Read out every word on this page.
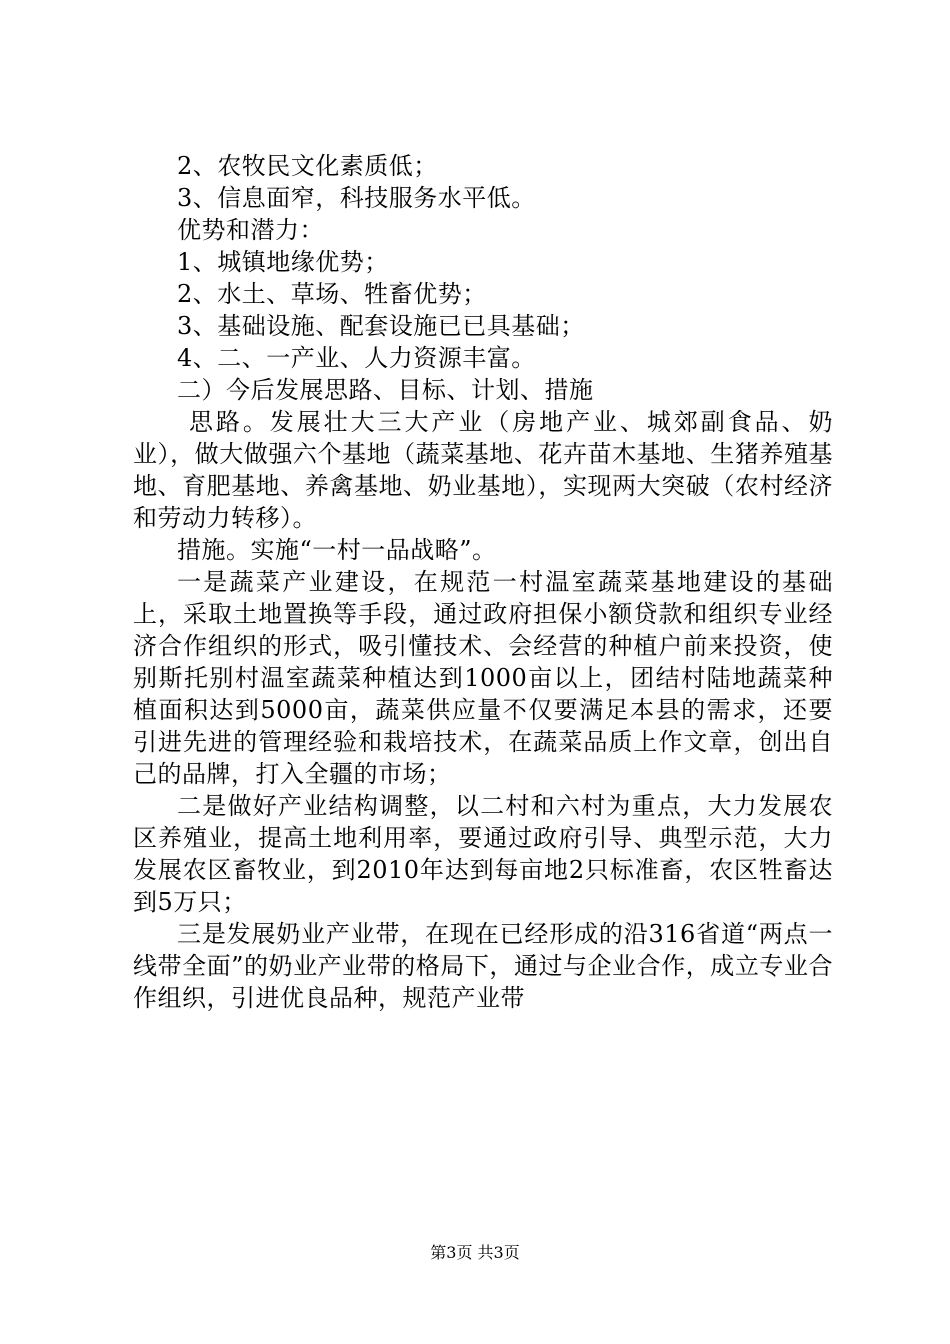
2、农牧民文化素质低；
3、信息面窄，科技服务水平低。
优势和潜力：
1、城镇地缘优势；
2、水土、草场、牲畜优势；
3、基础设施、配套设施已已具基础；
4、二、一产业、人力资源丰富。
二）今后发展思路、目标、计划、措施

思路。发展壮大三大产业（房地产业、城郊副食品、奶业），做大做强六个基地（蔬菜基地、花卉苗木基地、生猪养殖基地、育肥基地、养禽基地、奶业基地），实现两大突破（农村经济和劳动力转移）。

措施。实施“一村一品战略”。

一是蔬菜产业建设，在规范一村温室蔬菜基地建设的基础上，采取土地置换等手段，通过政府担保小额贷款和组织专业经济合作组织的形式，吸引懂技术、会经营的种植户前来投资，使别斯托别村温室蔬菜种植达到1000亩以上，团结村陆地蔬菜种植面积达到5000亩，蔬菜供应量不仅要满足本县的需求，还要引进先进的管理经验和栽培技术，在蔬菜品质上作文章，创出自己的品牌，打入全疆的市场；

二是做好产业结构调整，以二村和六村为重点，大力发展农区养殖业，提高土地利用率，要通过政府引导、典型示范，大力发展农区畜牧业，到2010年达到每亩地2只标准畜，农区牲畜达到5万只；

三是发展奶业产业带，在现在已经形成的沿316省道“两点一线带全面”的奶业产业带的格局下，通过与企业合作，成立专业合作组织，引进优良品种，规范产业带

第3页 共3页
